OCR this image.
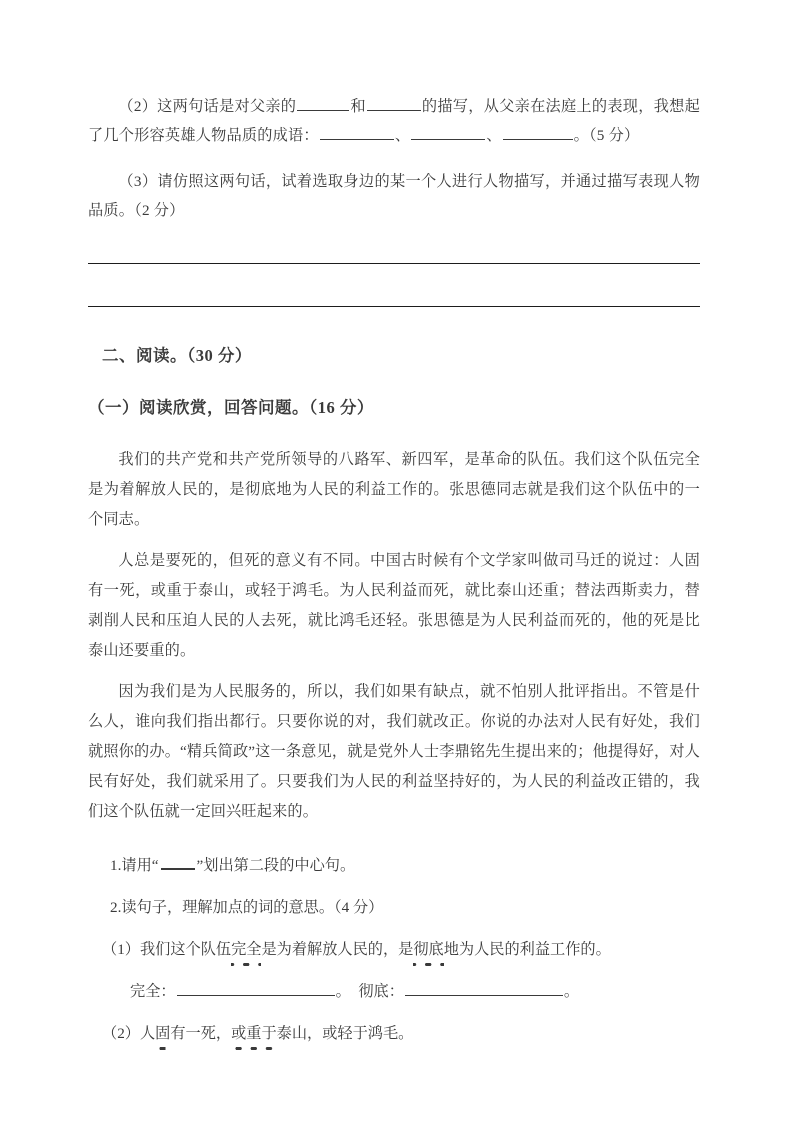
（2）这两句话是对父亲的	和	的描写，从父亲在法庭上的表现，我想起了几个形容英雄人物品质的成语：	、	、	。（5 分）

（3）请仿照这两句话，试着选取身边的某一个人进行人物描写，并通过描写表现人物品质。（2 分）

二、阅读。（30 分）

（一）阅读欣赏，回答问题。（16 分）

我们的共产党和共产党所领导的八路军、新四军，是革命的队伍。我们这个队伍完全是为着解放人民的，是彻底地为人民的利益工作的。张思德同志就是我们这个队伍中的一个同志。

人总是要死的，但死的意义有不同。中国古时候有个文学家叫做司马迁的说过：人固有一死，或重于泰山，或轻于鸿毛。为人民利益而死，就比泰山还重；替法西斯卖力，替剥削人民和压迫人民的人去死，就比鸿毛还轻。张思德是为人民利益而死的，他的死是比泰山还要重的。

因为我们是为人民服务的，所以，我们如果有缺点，就不怕别人批评指出。不管是什么人，谁向我们指出都行。只要你说的对，我们就改正。你说的办法对人民有好处，我们就照你的办。“精兵简政”这一条意见，就是党外人士李鼎铭先生提出来的；他提得好，对人民有好处，我们就采用了。只要我们为人民的利益坚持好的，为人民的利益改正错的，我们这个队伍就一定回兴旺起来的。

1.请用“	”划出第二段的中心句。

2.读句子，理解加点的词的意思。（4 分）

（1）我们这个队伍完全是为着解放人民的，是彻底地为人民的利益工作的。

完全：	。 彻底：	。

（2）人固有一死，或重于泰山，或轻于鸿毛。
